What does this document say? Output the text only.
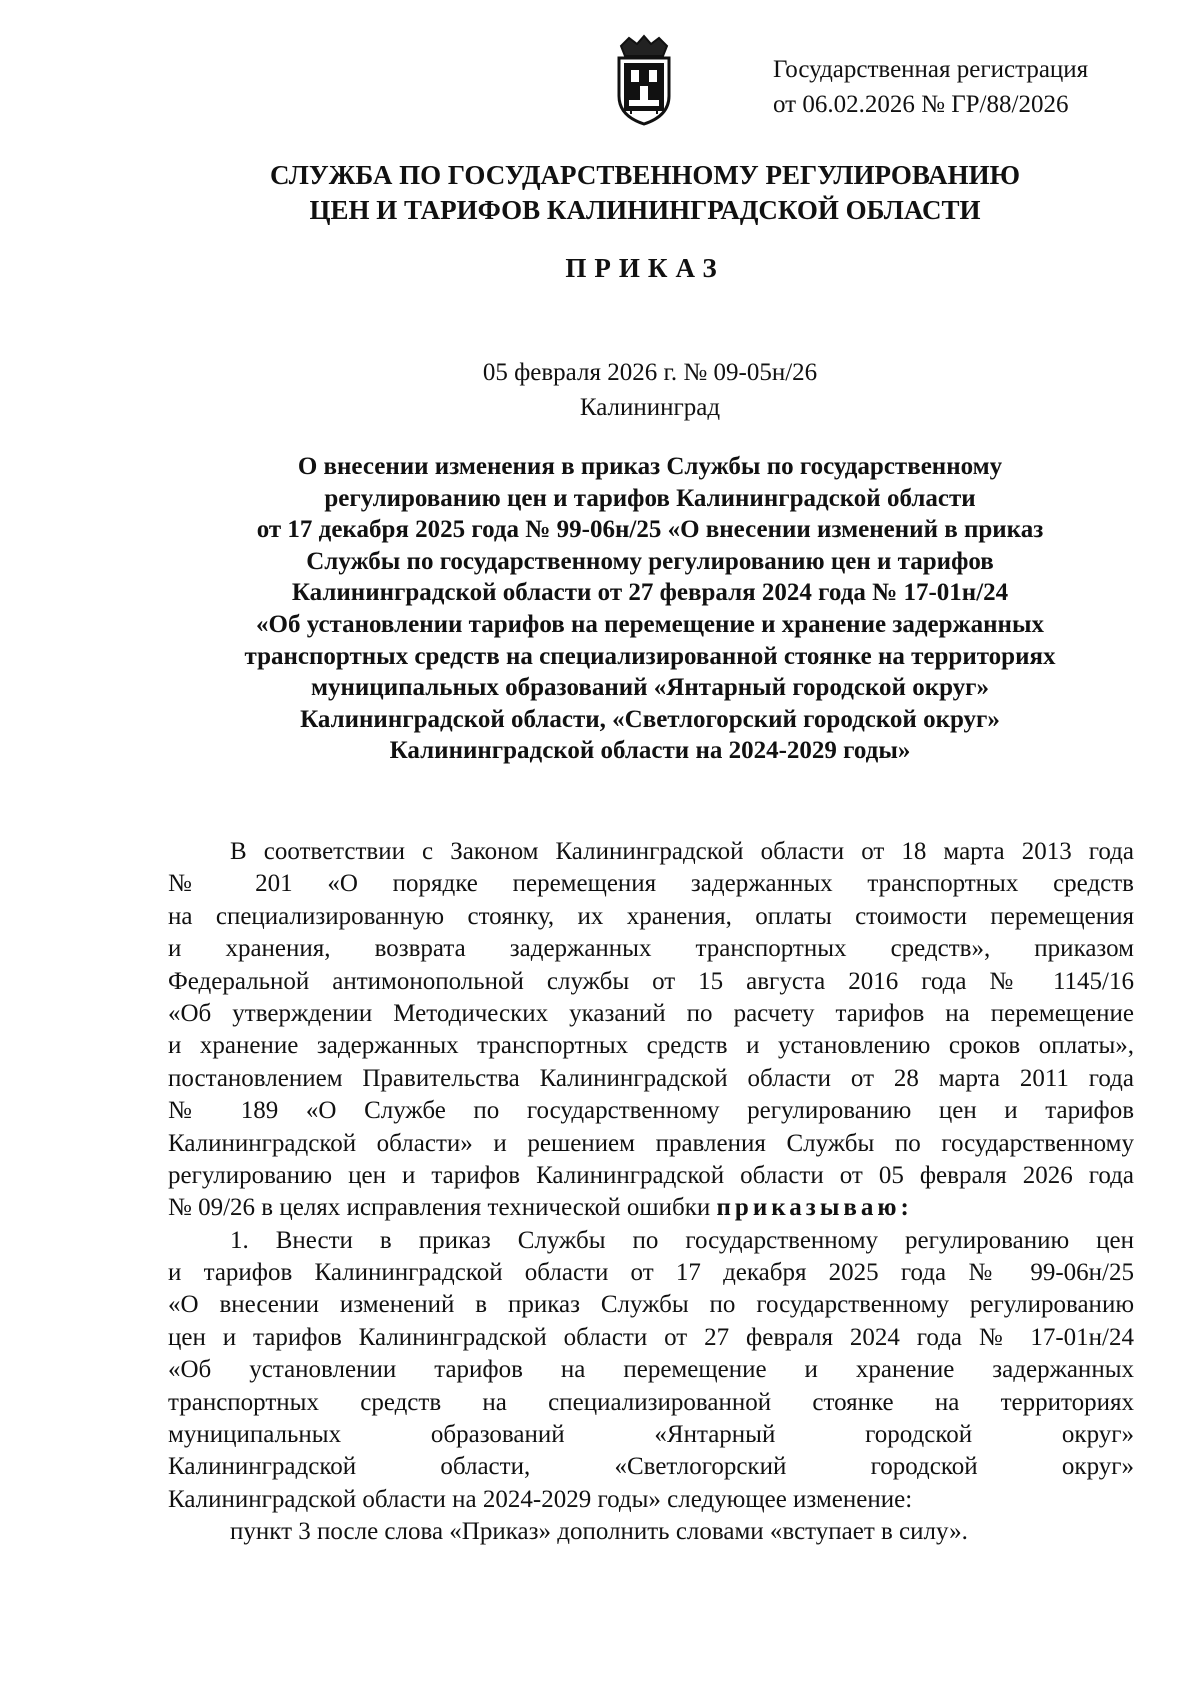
Государственная регистрация
от 06.02.2026 № ГР/88/2026
СЛУЖБА ПО ГОСУДАРСТВЕННОМУ РЕГУЛИРОВАНИЮ
ЦЕН И ТАРИФОВ КАЛИНИНГРАДСКОЙ ОБЛАСТИ
ПРИКАЗ
05 февраля 2026 г. № 09-05н/26
Калининград
О внесении изменения в приказ Службы по государственному
регулированию цен и тарифов Калининградской области
от 17 декабря 2025 года № 99-06н/25 «О внесении изменений в приказ
Службы по государственному регулированию цен и тарифов
Калининградской области от 27 февраля 2024 года № 17-01н/24
«Об установлении тарифов на перемещение и хранение задержанных
транспортных средств на специализированной стоянке на территориях
муниципальных образований «Янтарный городской округ»
Калининградской области, «Светлогорский городской округ»
Калининградской области на 2024-2029 годы»
В соответствии с Законом Калининградской области от 18 марта 2013 года
№ 201 «О порядке перемещения задержанных транспортных средств
на специализированную стоянку, их хранения, оплаты стоимости перемещения
и хранения, возврата задержанных транспортных средств», приказом
Федеральной антимонопольной службы от 15 августа 2016 года № 1145/16
«Об утверждении Методических указаний по расчету тарифов на перемещение
и хранение задержанных транспортных средств и установлению сроков оплаты»,
постановлением Правительства Калининградской области от 28 марта 2011 года
№ 189 «О Службе по государственному регулированию цен и тарифов
Калининградской области» и решением правления Службы по государственному
регулированию цен и тарифов Калининградской области от 05 февраля 2026 года
№ 09/26 в целях исправления технической ошибки приказываю:
1. Внести в приказ Службы по государственному регулированию цен
и тарифов Калининградской области от 17 декабря 2025 года № 99-06н/25
«О внесении изменений в приказ Службы по государственному регулированию
цен и тарифов Калининградской области от 27 февраля 2024 года № 17-01н/24
«Об установлении тарифов на перемещение и хранение задержанных
транспортных средств на специализированной стоянке на территориях
муниципальных образований «Янтарный городской округ»
Калининградской области, «Светлогорский городской округ»
Калининградской области на 2024-2029 годы» следующее изменение:
пункт 3 после слова «Приказ» дополнить словами «вступает в силу».
